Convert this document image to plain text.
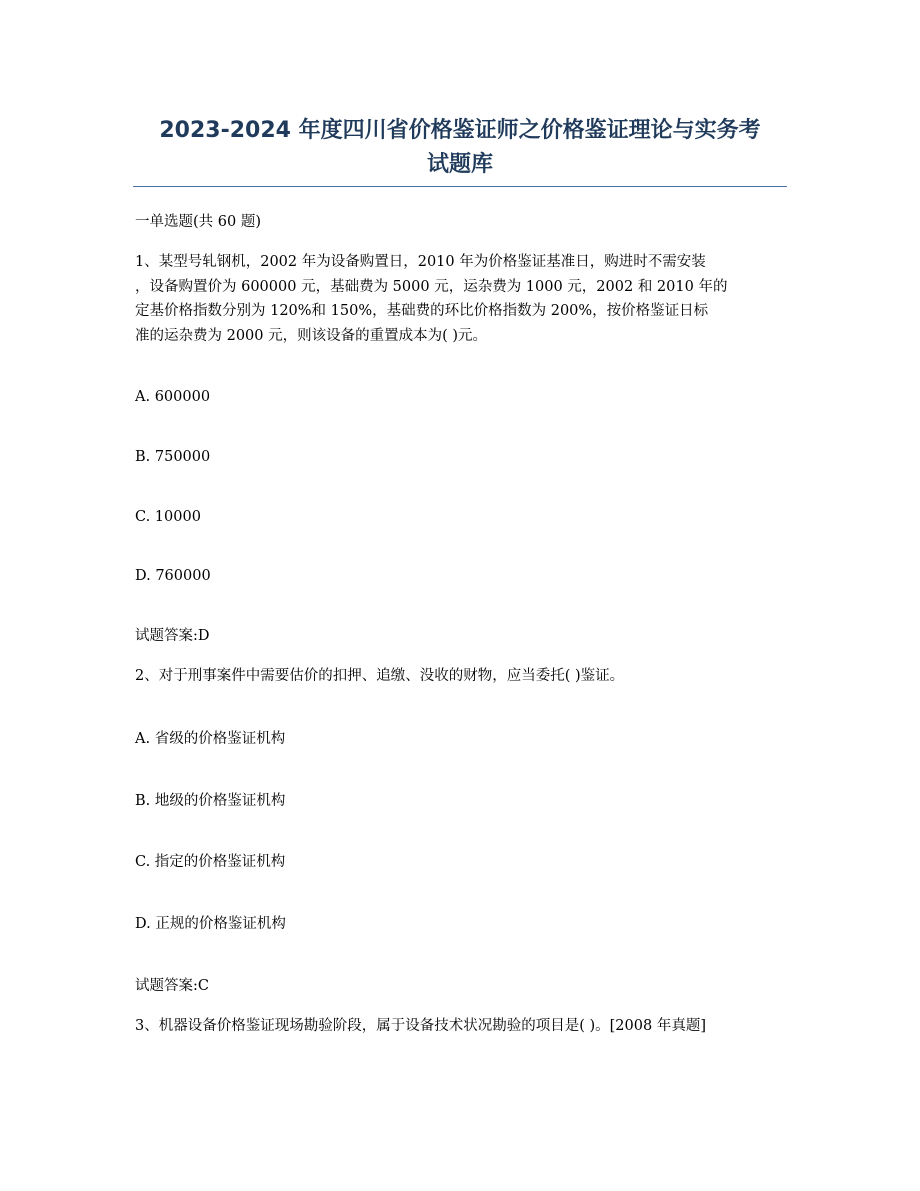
2023-2024 年度四川省价格鉴证师之价格鉴证理论与实务考
试题库
一单选题(共 60 题)
1、某型号轧钢机，2002 年为设备购置日，2010 年为价格鉴证基准日，购进时不需安装
，设备购置价为 600000 元，基础费为 5000 元，运杂费为 1000 元，2002 和 2010 年的
定基价格指数分别为 120%和 150%，基础费的环比价格指数为 200%，按价格鉴证日标
准的运杂费为 2000 元，则该设备的重置成本为( )元。
A. 600000
B. 750000
C. 10000
D. 760000
试题答案:D
2、对于刑事案件中需要估价的扣押、追缴、没收的财物，应当委托( )鉴证。
A. 省级的价格鉴证机构
B. 地级的价格鉴证机构
C. 指定的价格鉴证机构
D. 正规的价格鉴证机构
试题答案:C
3、机器设备价格鉴证现场勘验阶段，属于设备技术状况勘验的项目是( )。[2008 年真题]
